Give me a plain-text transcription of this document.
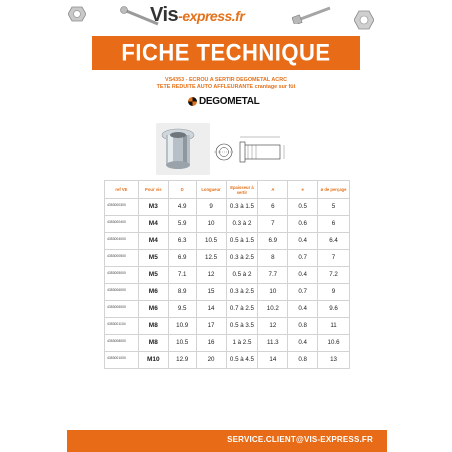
Vis-express.fr
FICHE TECHNIQUE
VS4353 - ECROU A SERTIR DEGOMETAL ACRC
TETE REDUITE AUTO AFFLEURANTE crantage sur fût
DEGOMETAL
ref VE	Pour vis	D	Longueur	Epaisseur à sertir	A	e	ø de perçage
4353000300	M3	4.9	9	0.3 à 1.5	6	0.5	5
4353000400	M4	5.9	10	0.3 à 2	7	0.6	6
4353004000	M4	6.3	10.5	0.5 à 1.5	6.9	0.4	6.4
4353000500	M5	6.9	12.5	0.3 à 2.5	8	0.7	7
4353005000	M5	7.1	12	0.5 à 2	7.7	0.4	7.2
4353006000	M6	8.9	15	0.3 à 2.5	10	0.7	9
4353006000	M6	9.5	14	0.7 à 2.5	10.2	0.4	9.6
4353001104	M8	10.9	17	0.5 à 3.5	12	0.8	11
4353008000	M8	10.5	16	1 à 2.5	11.3	0.4	10.6
4353001000	M10	12.9	20	0.5 à 4.5	14	0.8	13
SERVICE.CLIENT@VIS-EXPRESS.FR
